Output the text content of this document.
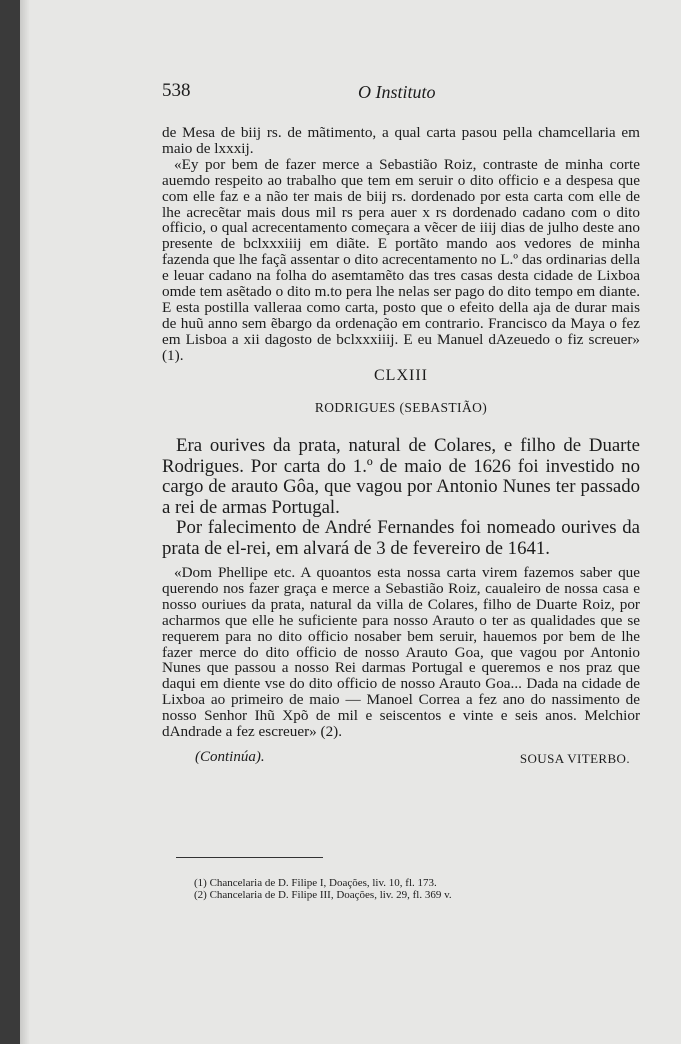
538	O Instituto

de Mesa de biij rs. de mãtimento, a qual carta pasou pella chamcellaria em maio de lxxxij.

«Ey por bem de fazer merce a Sebastião Roiz, contraste de minha corte auemdo respeito ao trabalho que tem em seruir o dito officio e a despesa que com elle faz e a não ter mais de biij rs. dordenado por esta carta com elle de lhe acrecẽtar mais dous mil rs pera auer x rs dordenado cadano com o dito officio, o qual acrecentamento começara a vẽcer de iiij dias de julho deste ano presente de bclxxxiiij em diãte. E portãto mando aos vedores de minha fazenda que lhe façã assentar o dito acrecentamento no L.º das ordinarias della e leuar cadano na folha do asemtamẽto das tres casas desta cidade de Lixboa omde tem asẽtado o dito m.to pera lhe nelas ser pago do dito tempo em diante. E esta postilla valleraa como carta, posto que o efeito della aja de durar mais de huũ anno sem ẽbargo da ordenação em contrario. Francisco da Maya o fez em Lisboa a xii dagosto de bclxxxiiij. E eu Manuel dAzeuedo o fiz screuer» (1).

CLXIII
RODRIGUES (SEBASTIÃO)

Era ourives da prata, natural de Colares, e filho de Duarte Rodrigues. Por carta do 1.º de maio de 1626 foi investido no cargo de arauto Gôa, que vagou por Antonio Nunes ter passado a rei de armas Portugal.

Por falecimento de André Fernandes foi nomeado ourives da prata de el-rei, em alvará de 3 de fevereiro de 1641.

«Dom Phellipe etc. A quoantos esta nossa carta virem fazemos saber que querendo nos fazer graça e merce a Sebastião Roiz, caualeiro de nossa casa e nosso ouriues da prata, natural da villa de Colares, filho de Duarte Roiz, por acharmos que elle he suficiente para nosso Arauto o ter as qualidades que se requerem para no dito officio nosaber bem seruir, hauemos por bem de lhe fazer merce do dito officio de nosso Arauto Goa, que vagou por Antonio Nunes que passou a nosso Rei darmas Portugal e queremos e nos praz que daqui em diente vse do dito officio de nosso Arauto Goa... Dada na cidade de Lixboa ao primeiro de maio — Manoel Correa a fez ano do nassimento de nosso Senhor Ihũ Xpõ de mil e seiscentos e vinte e seis anos. Melchior dAndrade a fez escreuer» (2).

(Continúa).	SOUSA VITERBO.

(1) Chancelaria de D. Filipe I, Doações, liv. 10, fl. 173.

(2) Chancelaria de D. Filipe III, Doações, liv. 29, fl. 369 v.
